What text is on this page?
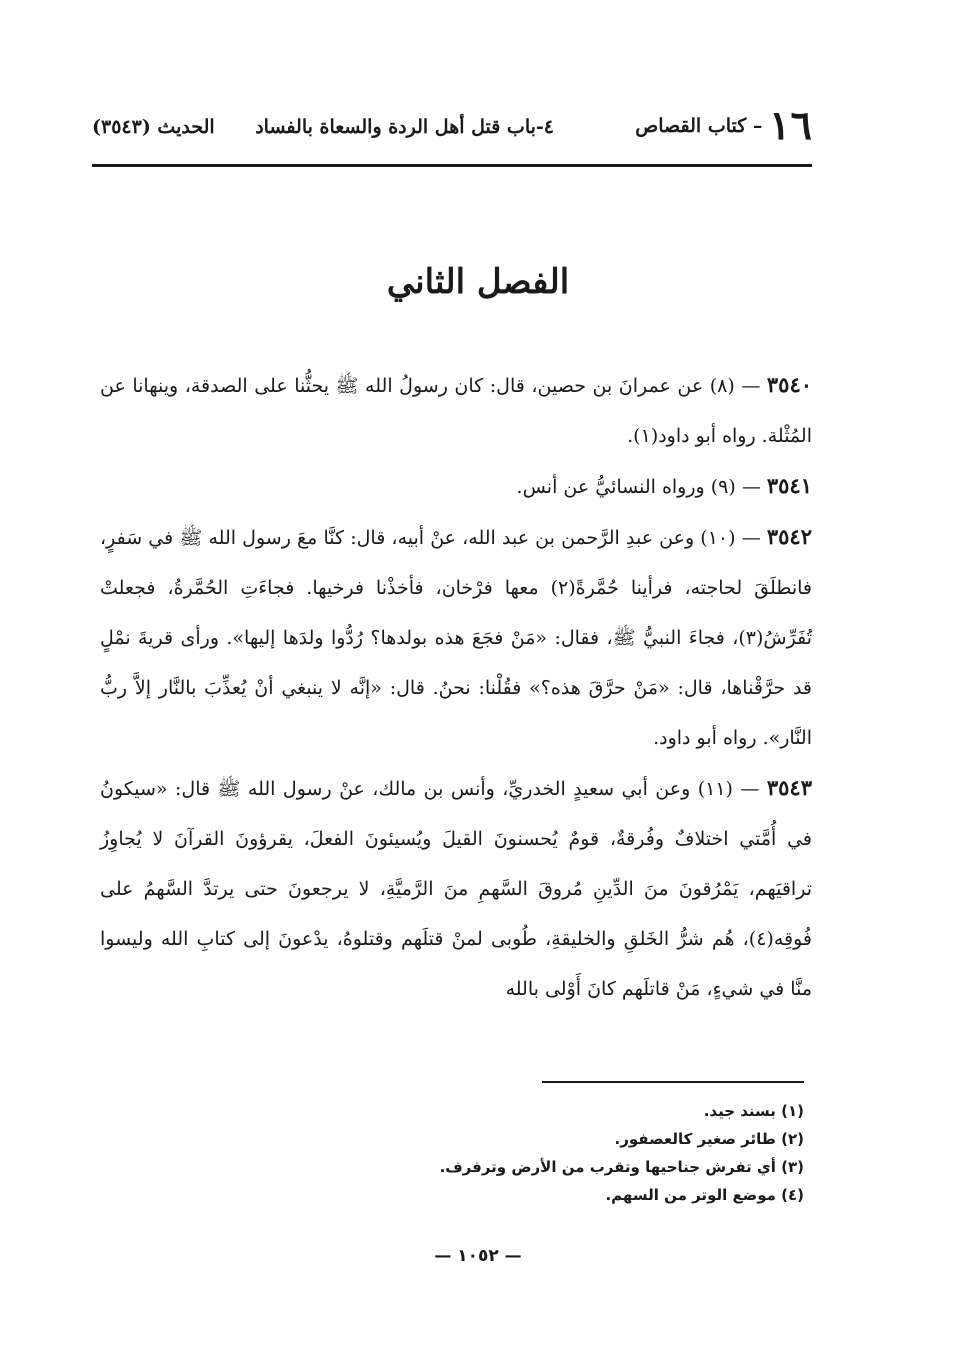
١٦ – كتاب القصاص
٤-باب قتل أهل الردة والسعاة بالفساد
الحديث (٣٥٤٣)
الفصل الثاني

٣٥٤٠ — (٨) عن عمرانَ بن حصين، قال: كان رسولُ الله ﷺ يحثُّنا على الصدقة، وينهانا عن المُثْلة. رواه أبو داود(١).

٣٥٤١ — (٩) ورواه النسائيُّ عن أنس.

٣٥٤٢ — (١٠) وعن عبدِ الرَّحمن بن عبد الله، عنْ أبيه، قال: كنَّا معَ رسول الله ﷺ في سَفرٍ، فانطلَقَ لحاجته، فرأينا حُمَّرةً(٢) معها فرْخان، فأخذْنا فرخيها. فجاءَتِ الحُمَّرةُ، فجعلتْ تُفَرِّشُ(٣)، فجاءَ النبيُّ ﷺ، فقال: «مَنْ فجَعَ هذه بولدها؟ رُدُّوا ولدَها إليها». ورأى قريةَ نمْلٍ قد حرَّقْناها، قال: «مَنْ حرَّقَ هذه؟» فقُلْنا: نحنُ. قال: «إنَّه لا ينبغي أنْ يُعذِّبَ بالنَّار إلاَّ ربُّ النَّار». رواه أبو داود.

٣٥٤٣ — (١١) وعن أبي سعيدٍ الخدريِّ، وأنس بن مالك، عنْ رسول الله ﷺ قال: «سيكونُ في أُمَّتي اختلافٌ وفُرقةٌ، قومٌ يُحسنونَ القيلَ ويُسيئونَ الفعلَ، يقرؤونَ القرآنَ لا يُجاوِزُ تراقيَهم، يَمْرُقونَ منَ الدِّينِ مُروقَ السَّهمِ منَ الرَّميَّةِ، لا يرجعونَ حتى يرتدَّ السَّهمُ على فُوقِه(٤)، هُم شرُّ الخَلقِ والخليقةِ، طُوبى لمنْ قتلَهم وقتلوهُ، يدْعونَ إلى كتابِ الله وليسوا منَّا في شيءٍ، مَنْ قاتلَهم كانَ أَوْلى بالله

(١) بسند جيد.
(٢) طائر صغير كالعصفور.
(٣) أي تفرش جناحيها وتقرب من الأرض وترفرف.
(٤) موضع الوتر من السهم.
— ١٠٥٢ —
